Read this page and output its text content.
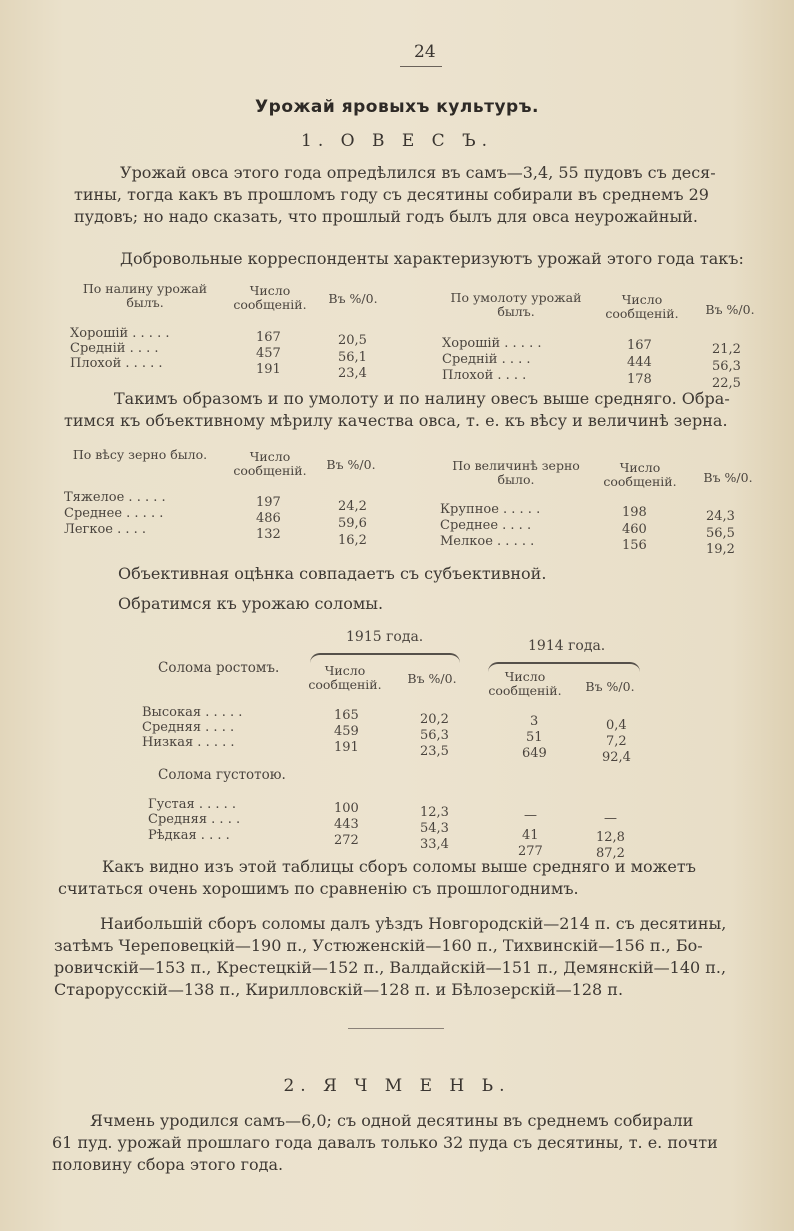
24
Урожай яровыхъ культуръ.
1. О В Е С Ъ.
Урожай овса этого года опредѣлился въ самъ—3,4, 55 пудовъ съ деся-
тины, тогда какъ въ прошломъ году съ десятины собирали въ среднемъ 29
пудовъ; но надо сказать, что прошлый годъ былъ для овса неурожайный.
Добровольные корреспонденты характеризуютъ урожай этого года такъ:
По налину урожай былъ.
Число сообщеній.	Въ %/0.	По умолоту урожай былъ.
Число сообщеній.	Въ %/0.
Хорошій . . . . .	167	20,5
Средній . . . .	457	56,1
Плохой . . . . .	191	23,4
Хорошій . . . . .	167	21,2
Средній . . . .	444	56,3
Плохой . . . .	178	22,5
Такимъ образомъ и по умолоту и по налину овесъ выше средняго. Обра-
тимся къ объективному мѣрилу качества овса, т. е. къ вѣсу и величинѣ зерна.
По вѣсу зерно было.	Число сообщеній.	Въ %/0.	По величинѣ зерно было.
Число сообщеній.	Въ %/0.
Тяжелое . . . . .	197	24,2
Среднее . . . . .	486	59,6
Легкое . . . .	132	16,2
Крупное . . . . .	198	24,3
Среднее . . . .	460	56,5
Мелкое . . . . .	156	19,2
Объективная оцѣнка совпадаетъ съ субъективной.
Обратимся къ урожаю соломы.
1915 года.
1914 года.
Солома ростомъ.	Число сообщеній.	Въ %/0.	Число сообщеній.	Въ %/0.
Высокая . . . . .	165	20,2	3	0,4
Средняя . . . .	459	56,3	51	7,2
Низкая . . . . .	191	23,5	649	92,4
Солома густотою.
Густая . . . . .	100	12,3	—	—
Средняя . . . .	443	54,3	41	12,8
Рѣдкая . . . .	272	33,4	277	87,2
Какъ видно изъ этой таблицы сборъ соломы выше средняго и можетъ
считаться очень хорошимъ по сравненію съ прошлогоднимъ.
Наибольшій сборъ соломы далъ уѣздъ Новгородскій—214 п. съ десятины,
затѣмъ Череповецкій—190 п., Устюженскій—160 п., Тихвинскій—156 п., Бо-
ровичскій—153 п., Крестецкій—152 п., Валдайскій—151 п., Демянскій—140 п.,
Старорусскій—138 п., Кирилловскій—128 п. и Бѣлозерскій—128 п.
2. Я Ч М Е Н Ь.
Ячмень уродился самъ—6,0; съ одной десятины въ среднемъ собирали
61 пуд. урожай прошлаго года давалъ только 32 пуда съ десятины, т. е. почти
половину сбора этого года.
